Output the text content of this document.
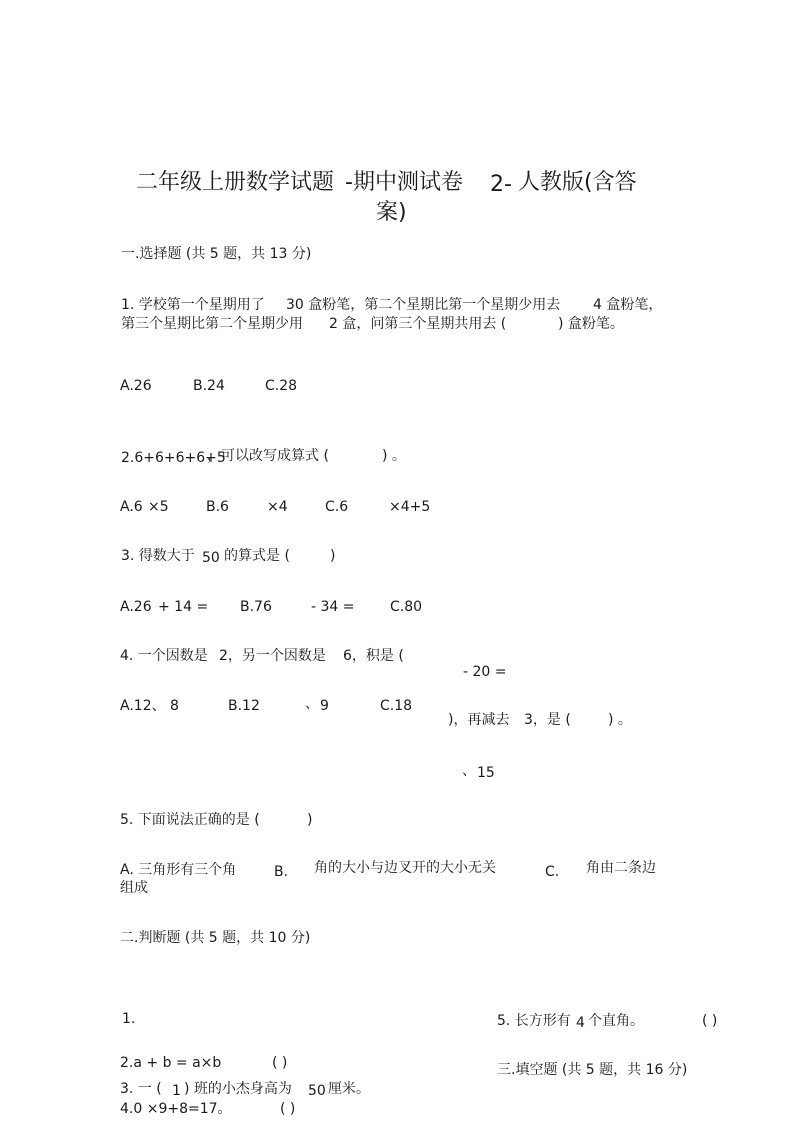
二年级上册数学试题 -期中测试卷 2- 人教版(含答
案)
一.选择题 (共 5 题，共 13 分)
1. 学校第一个星期用了 30 盒粉笔，第二个星期比第一个星期少用去 4 盒粉笔，
第三个星期比第二个星期少用 2 盒，问第三个星期共用去 (	) 盒粉笔。
A.26	B.24	C.28
2.6+6+6+6+5
，可以改写成算式 (	) 。
A.6 ×5	B.6	×4	C.6	×4+5
3. 得数大于 50 的算式是 (	)
A.26 + 14 = B.76	- 34 =	C.80
- 20 =
4. 一个因数是 2，另一个因数是 6，积是 (
)，再减去 3，是 (	) 。
A.12、 8	B.12	、 9	C.18
、 15
5. 下面说法正确的是 (	)
A. 三角形有三个角	B. 角的大小与边叉开的大小无关	C. 角由二条边
组成
二.判断题 (共 5 题，共 10 分)
1.
2.a + b = a×b	( )
3. 一 ( 1 ) 班的小杰身高为 50 厘米。
4.0 ×9+8=17。	( )
5. 长方形有 4 个直角。	( )
三.填空题 (共 5 题，共 16 分)
